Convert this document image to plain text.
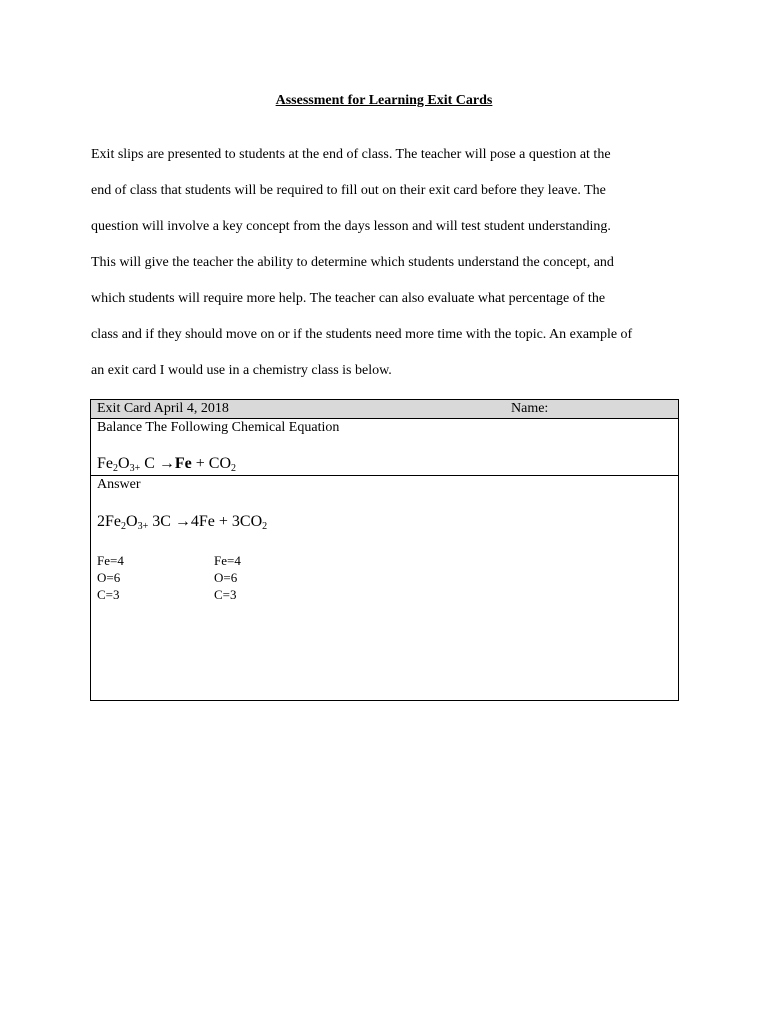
Assessment for Learning Exit Cards

Exit slips are presented to students at the end of class. The teacher will pose a question at the
end of class that students will be required to fill out on their exit card before they leave. The
question will involve a key concept from the days lesson and will test student understanding.
This will give the teacher the ability to determine which students understand the concept, and
which students will require more help. The teacher can also evaluate what percentage of the
class and if they should move on or if the students need more time with the topic. An example of
an exit card I would use in a chemistry class is below.

Exit Card April 4, 2018	Name:
Balance The Following Chemical Equation
$Fe_2O_{3+}$ $C \to Fe + CO_2$
Answer
$2Fe_2O_{3+}$ $3C \to 4Fe + 3CO_2$
Fe=4
O=6
C=3
Fe=4
O=6
C=3
